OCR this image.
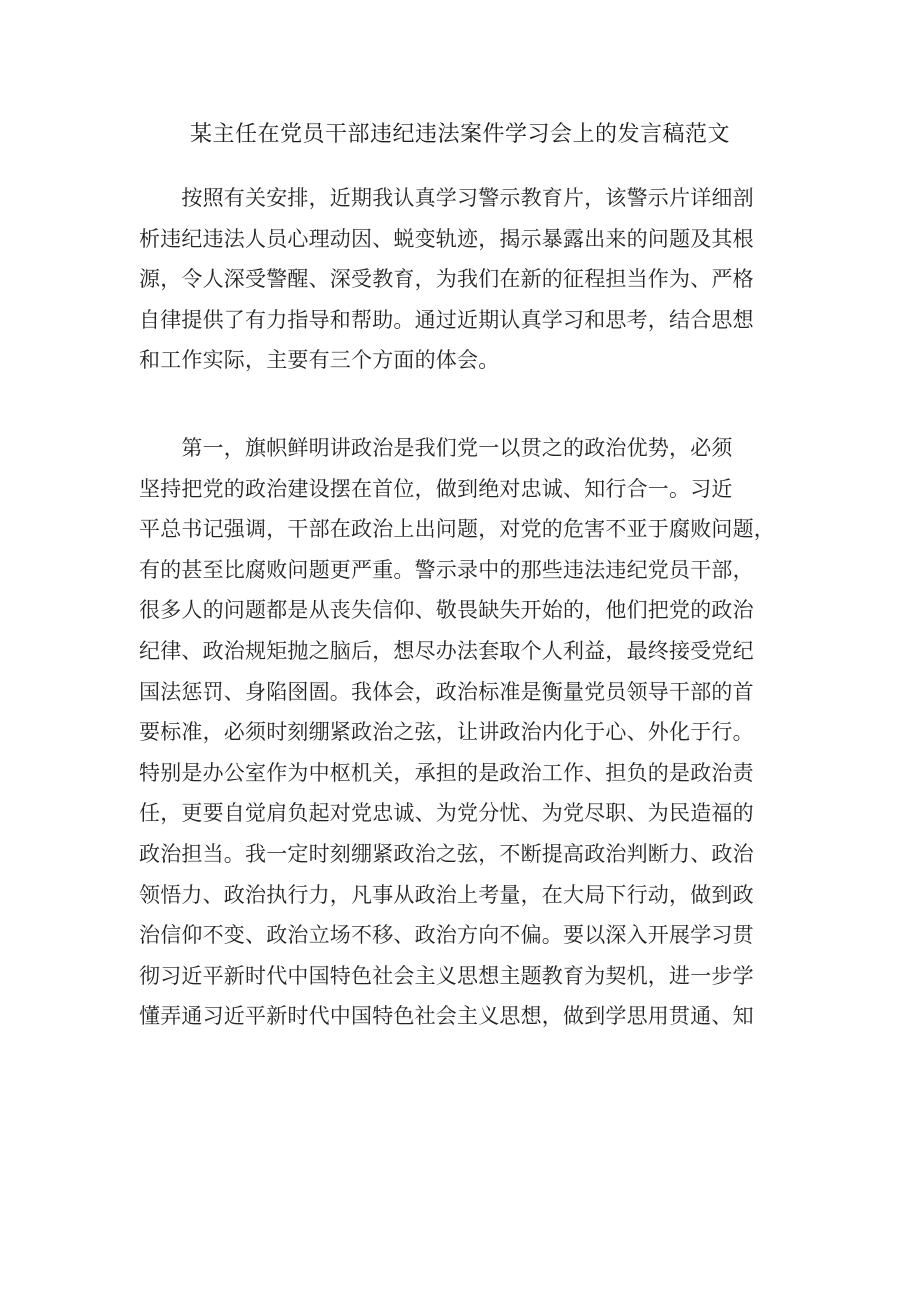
某主任在党员干部违纪违法案件学习会上的发言稿范文

　　按照有关安排，近期我认真学习警示教育片，该警示片详细剖
析违纪违法人员心理动因、蜕变轨迹，揭示暴露出来的问题及其根
源，令人深受警醒、深受教育，为我们在新的征程担当作为、严格
自律提供了有力指导和帮助。通过近期认真学习和思考，结合思想
和工作实际，主要有三个方面的体会。

　　第一，旗帜鲜明讲政治是我们党一以贯之的政治优势，必须
坚持把党的政治建设摆在首位，做到绝对忠诚、知行合一。习近
平总书记强调，干部在政治上出问题，对党的危害不亚于腐败问题，
有的甚至比腐败问题更严重。警示录中的那些违法违纪党员干部，
很多人的问题都是从丧失信仰、敬畏缺失开始的，他们把党的政治
纪律、政治规矩抛之脑后，想尽办法套取个人利益，最终接受党纪
国法惩罚、身陷囹圄。我体会，政治标准是衡量党员领导干部的首
要标准，必须时刻绷紧政治之弦，让讲政治内化于心、外化于行。
特别是办公室作为中枢机关，承担的是政治工作、担负的是政治责
任，更要自觉肩负起对党忠诚、为党分忧、为党尽职、为民造福的
政治担当。我一定时刻绷紧政治之弦，不断提高政治判断力、政治
领悟力、政治执行力，凡事从政治上考量，在大局下行动，做到政
治信仰不变、政治立场不移、政治方向不偏。要以深入开展学习贯
彻习近平新时代中国特色社会主义思想主题教育为契机，进一步学
懂弄通习近平新时代中国特色社会主义思想，做到学思用贯通、知
